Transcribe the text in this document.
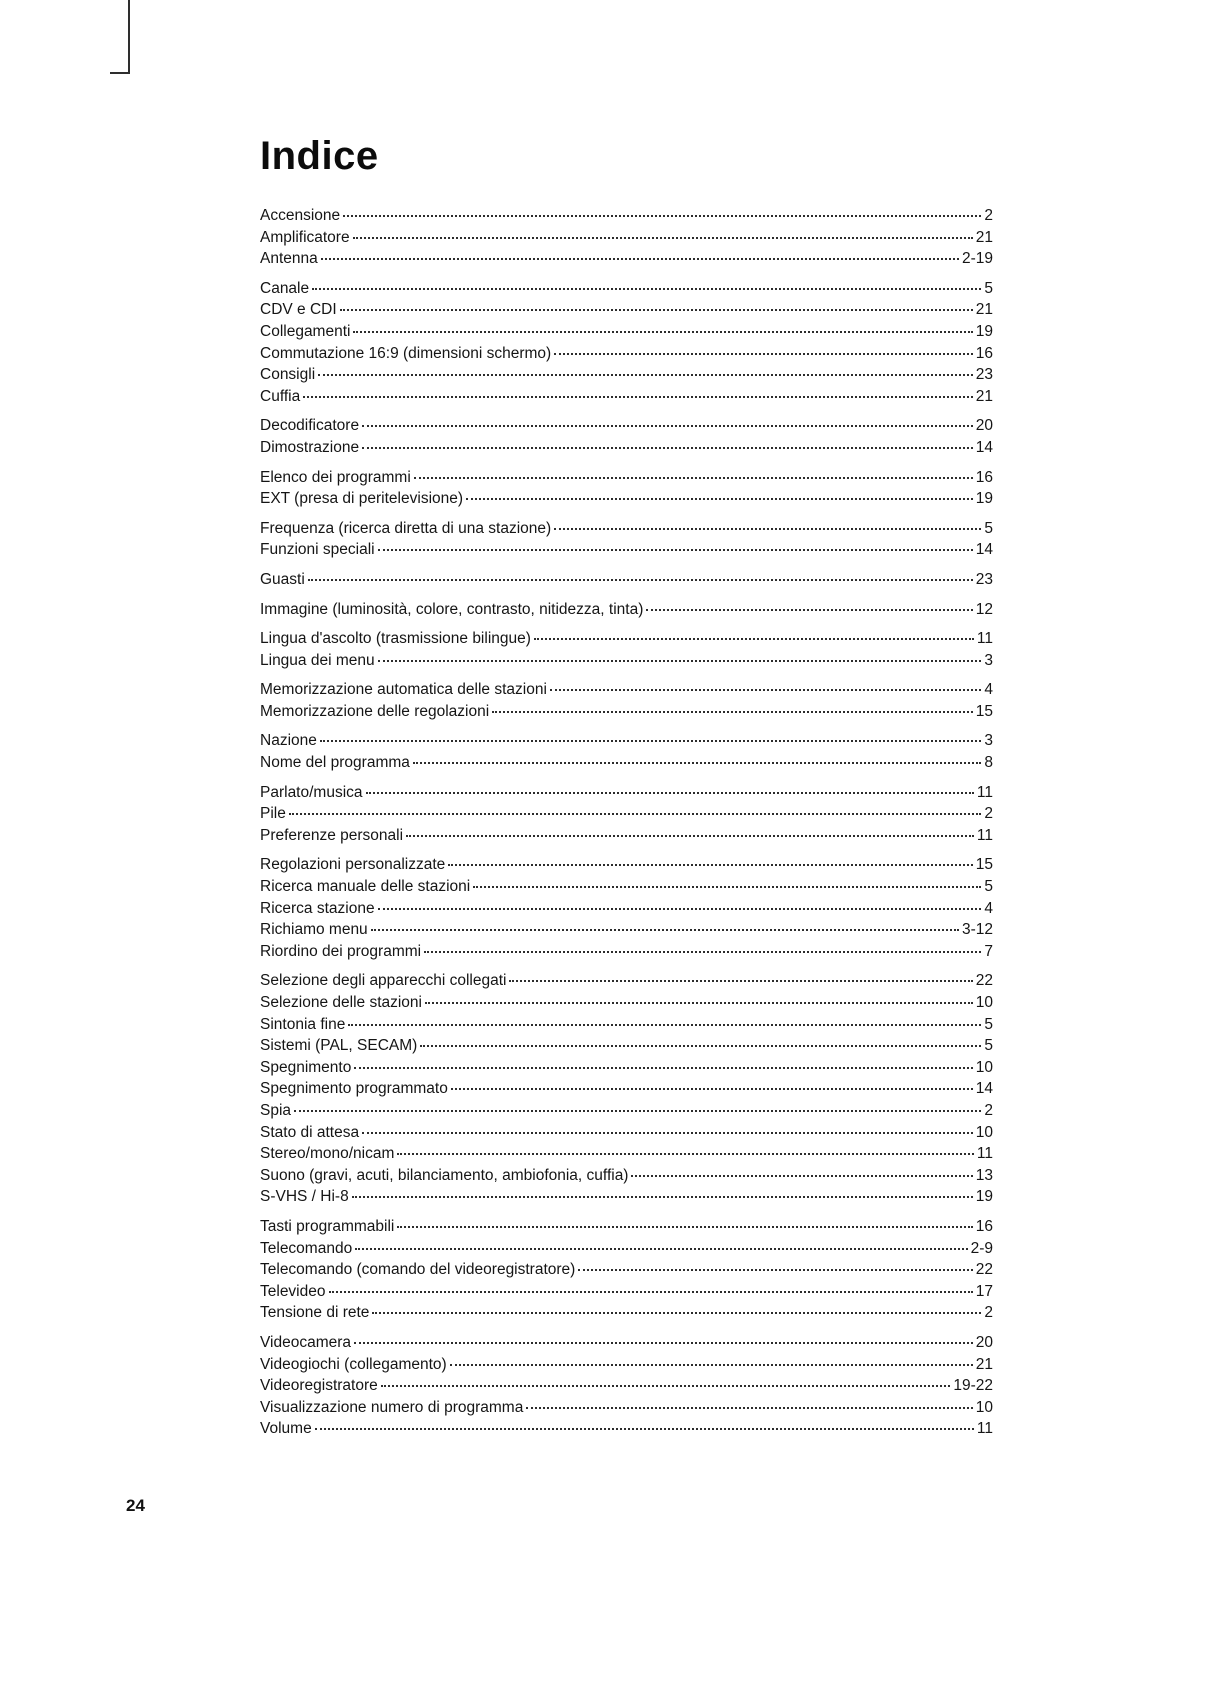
Indice
Accensione	2
Amplificatore	21
Antenna	2-19
Canale	5
CDV e CDI	21
Collegamenti	19
Commutazione 16:9 (dimensioni schermo)	16
Consigli	23
Cuffia	21
Decodificatore	20
Dimostrazione	14
Elenco dei programmi	16
EXT (presa di peritelevisione)	19
Frequenza (ricerca diretta di una stazione)	5
Funzioni speciali	14
Guasti	23
Immagine (luminosità, colore, contrasto, nitidezza, tinta)	12
Lingua d'ascolto (trasmissione bilingue)	11
Lingua dei menu	3
Memorizzazione automatica delle stazioni	4
Memorizzazione delle regolazioni	15
Nazione	3
Nome del programma	8
Parlato/musica	11
Pile	2
Preferenze personali	11
Regolazioni personalizzate	15
Ricerca manuale delle stazioni	5
Ricerca stazione	4
Richiamo menu	3-12
Riordino dei programmi	7
Selezione degli apparecchi collegati	22
Selezione delle stazioni	10
Sintonia fine	5
Sistemi (PAL, SECAM)	5
Spegnimento	10
Spegnimento programmato	14
Spia	2
Stato di attesa	10
Stereo/mono/nicam	11
Suono (gravi, acuti, bilanciamento, ambiofonia, cuffia)	13
S-VHS / Hi-8	19
Tasti programmabili	16
Telecomando	2-9
Telecomando (comando del videoregistratore)	22
Televideo	17
Tensione di rete	2
Videocamera	20
Videogiochi (collegamento)	21
Videoregistratore	19-22
Visualizzazione numero di programma	10
Volume	11
24
